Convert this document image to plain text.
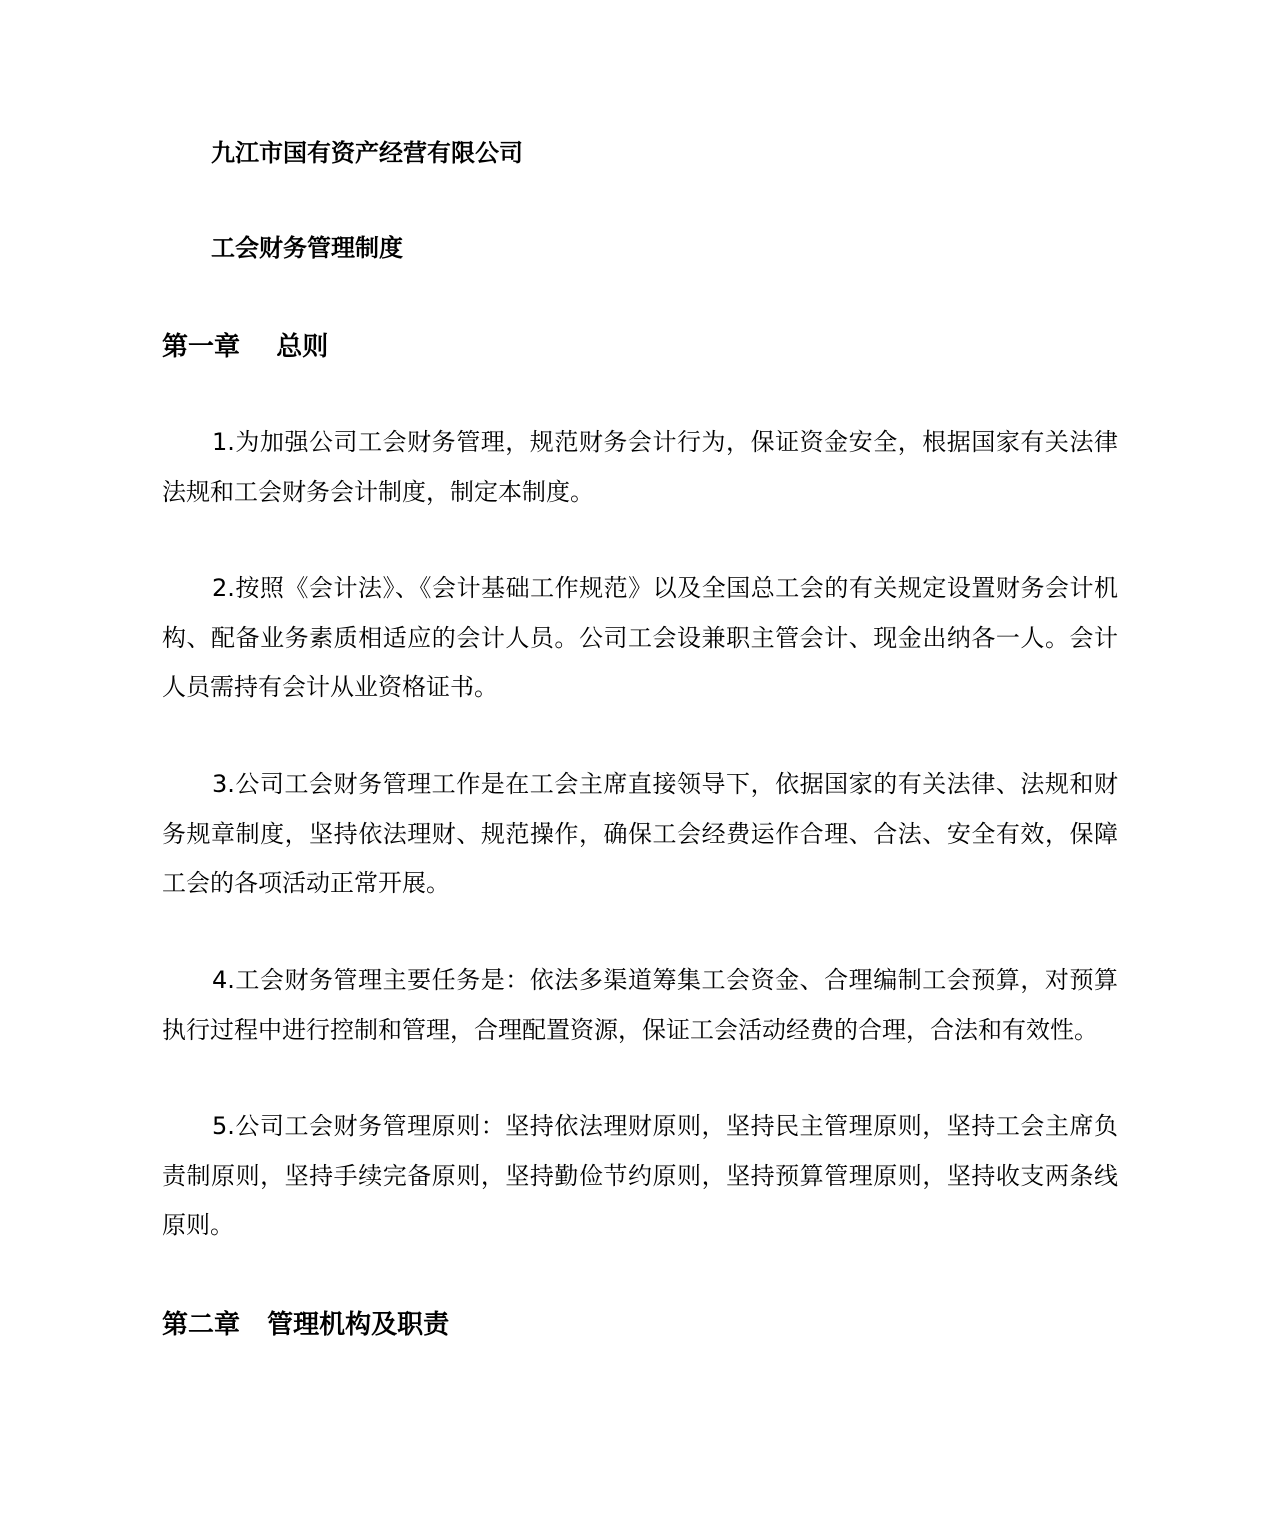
九江市国有资产经营有限公司
工会财务管理制度
第一章    总则

1.为加强公司工会财务管理，规范财务会计行为，保证资金安全，根据国家有关法律法规和工会财务会计制度，制定本制度。

2.按照《会计法》、《会计基础工作规范》以及全国总工会的有关规定设置财务会计机构、配备业务素质相适应的会计人员。公司工会设兼职主管会计、现金出纳各一人。会计人员需持有会计从业资格证书。

3.公司工会财务管理工作是在工会主席直接领导下，依据国家的有关法律、法规和财务规章制度，坚持依法理财、规范操作，确保工会经费运作合理、合法、安全有效，保障工会的各项活动正常开展。

4.工会财务管理主要任务是：依法多渠道筹集工会资金、合理编制工会预算，对预算执行过程中进行控制和管理，合理配置资源，保证工会活动经费的合理，合法和有效性。

5.公司工会财务管理原则：坚持依法理财原则，坚持民主管理原则，坚持工会主席负责制原则，坚持手续完备原则，坚持勤俭节约原则，坚持预算管理原则，坚持收支两条线原则。

第二章   管理机构及职责
